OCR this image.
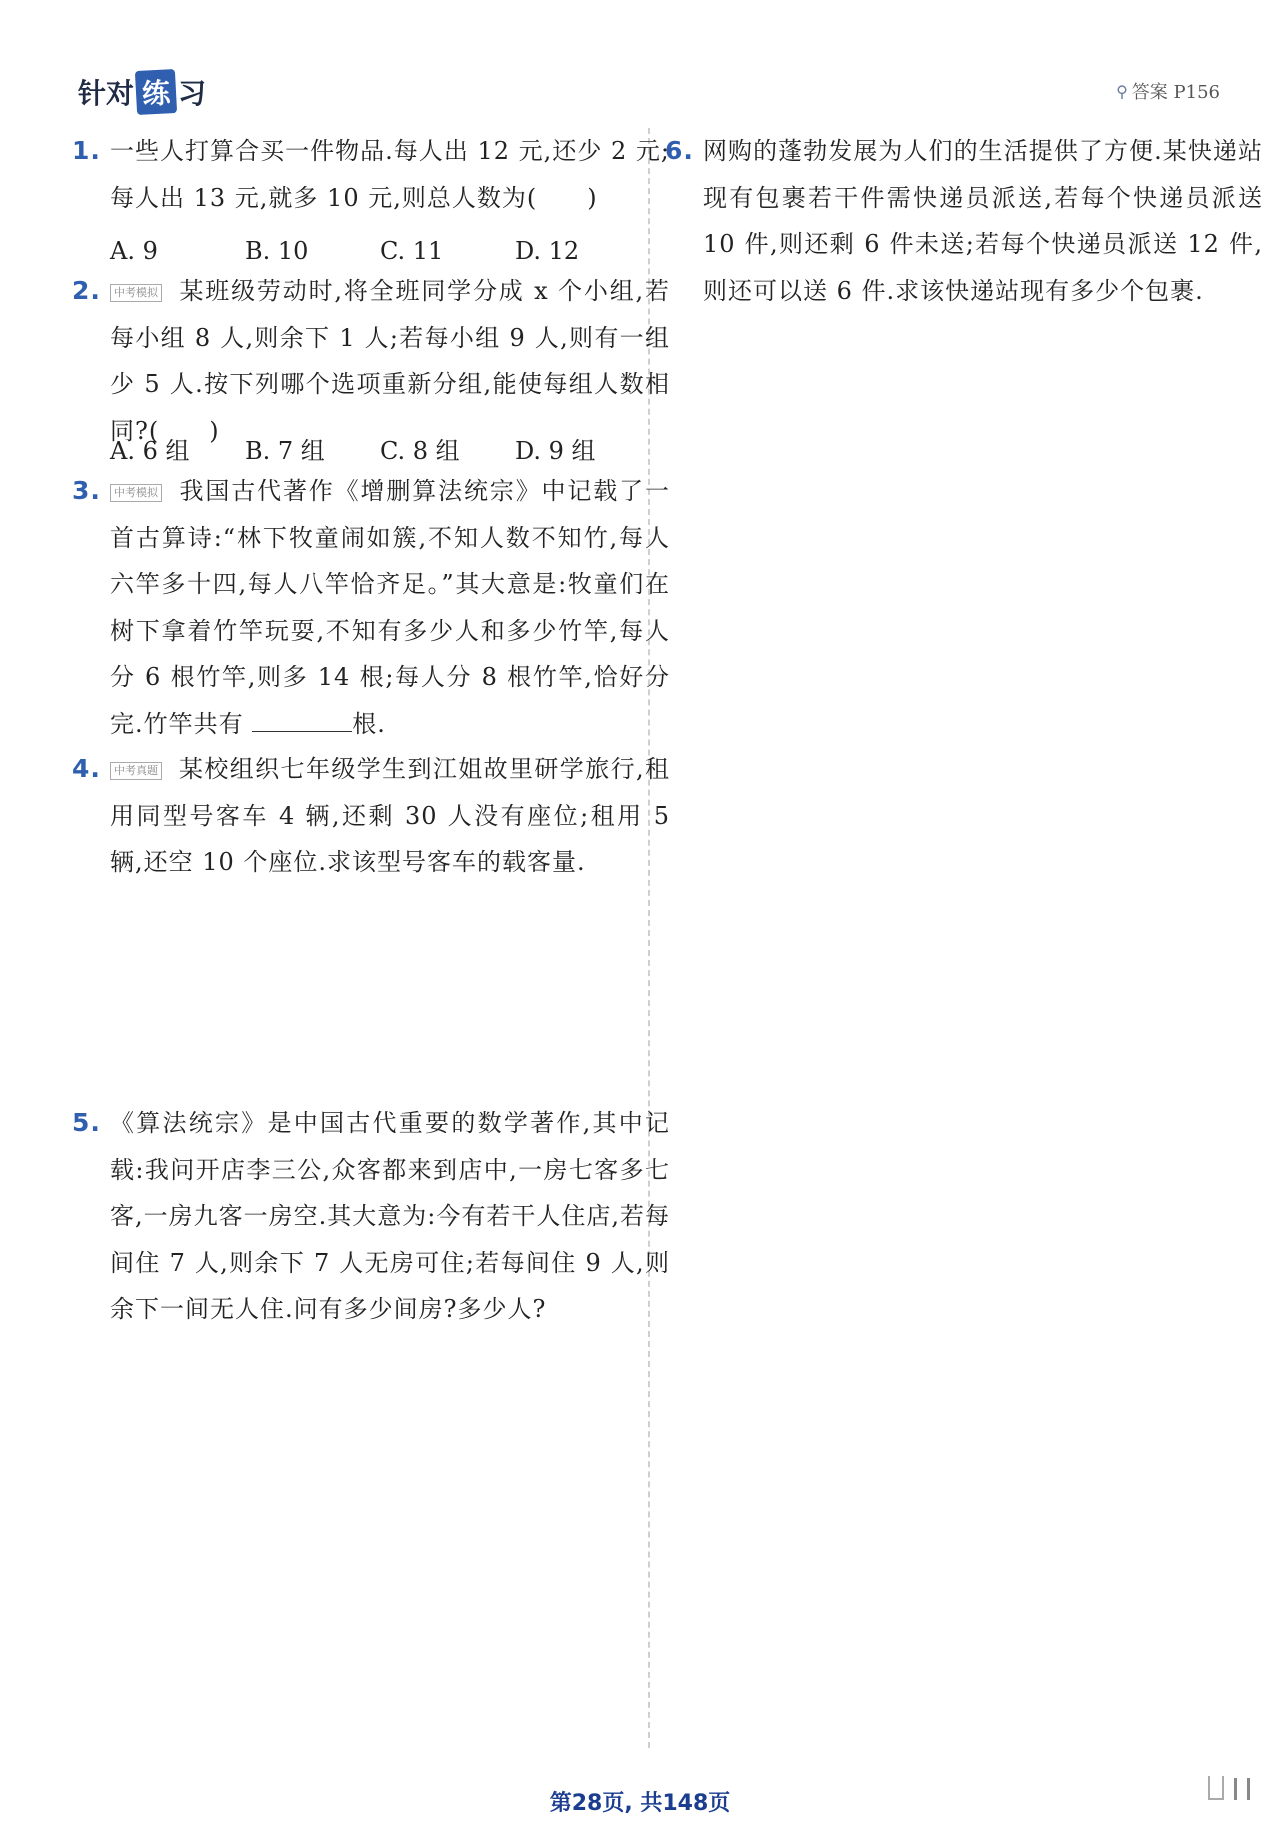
针对 练 习	⚲ 答案 P156
1. 一些人打算合买一件物品.每人出 12 元,还少 2 元;每人出 13 元,就多 10 元,则总人数为(　　)
A. 9	B. 10	C. 11	D. 12
2. 中考模拟 某班级劳动时,将全班同学分成 x 个小组,若每小组 8 人,则余下 1 人;若每小组 9 人,则有一组少 5 人.按下列哪个选项重新分组,能使每组人数相同?(　　)
A. 6 组	B. 7 组	C. 8 组	D. 9 组
3. 中考模拟 我国古代著作《增删算法统宗》中记载了一首古算诗:“林下牧童闹如簇,不知人数不知竹,每人六竿多十四,每人八竿恰齐足。”其大意是:牧童们在树下拿着竹竿玩耍,不知有多少人和多少竹竿,每人分 6 根竹竿,则多 14 根;每人分 8 根竹竿,恰好分完.竹竿共有	根.
4. 中考真题 某校组织七年级学生到江姐故里研学旅行,租用同型号客车 4 辆,还剩 30 人没有座位;租用 5 辆,还空 10 个座位.求该型号客车的载客量.
5. 《算法统宗》是中国古代重要的数学著作,其中记载:我问开店李三公,众客都来到店中,一房七客多七客,一房九客一房空.其大意为:今有若干人住店,若每间住 7 人,则余下 7 人无房可住;若每间住 9 人,则余下一间无人住.问有多少间房?多少人?
6. 网购的蓬勃发展为人们的生活提供了方便.某快递站现有包裹若干件需快递员派送,若每个快递员派送 10 件,则还剩 6 件未送;若每个快递员派送 12 件,则还可以送 6 件.求该快递站现有多少个包裹.
第28页, 共148页
